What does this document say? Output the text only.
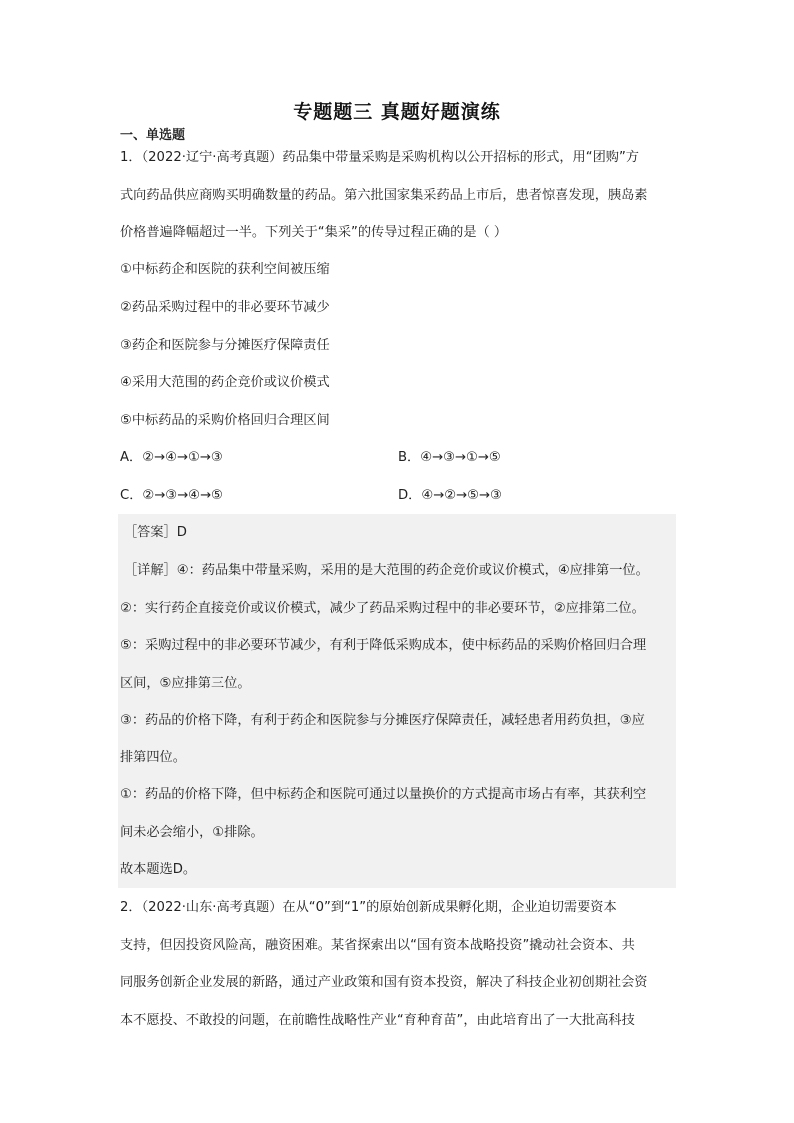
专题题三 真题好题演练
一、单选题
1．（2022·辽宁·高考真题）药品集中带量采购是采购机构以公开招标的形式，用“团购”方
式向药品供应商购买明确数量的药品。第六批国家集采药品上市后，患者惊喜发现，胰岛素
价格普遍降幅超过一半。下列关于“集采”的传导过程正确的是（ ）
①中标药企和医院的获利空间被压缩
②药品采购过程中的非必要环节减少
③药企和医院参与分摊医疗保障责任
④采用大范围的药企竞价或议价模式
⑤中标药品的采购价格回归合理区间
A．②→④→①→③	B．④→③→①→⑤
C．②→③→④→⑤	D．④→②→⑤→③
［答案］D
［详解］④：药品集中带量采购，采用的是大范围的药企竞价或议价模式，④应排第一位。
②：实行药企直接竞价或议价模式，减少了药品采购过程中的非必要环节，②应排第二位。
⑤：采购过程中的非必要环节减少，有利于降低采购成本，使中标药品的采购价格回归合理
区间，⑤应排第三位。
③：药品的价格下降，有利于药企和医院参与分摊医疗保障责任，减轻患者用药负担，③应
排第四位。
①：药品的价格下降，但中标药企和医院可通过以量换价的方式提高市场占有率，其获利空
间未必会缩小，①排除。
故本题选D。
2．（2022·山东·高考真题）在从“0”到“1”的原始创新成果孵化期，企业迫切需要资本
支持，但因投资风险高，融资困难。某省探索出以“国有资本战略投资”撬动社会资本、共
同服务创新企业发展的新路，通过产业政策和国有资本投资，解决了科技企业初创期社会资
本不愿投、不敢投的问题，在前瞻性战略性产业“育种育苗”，由此培育出了一大批高科技
